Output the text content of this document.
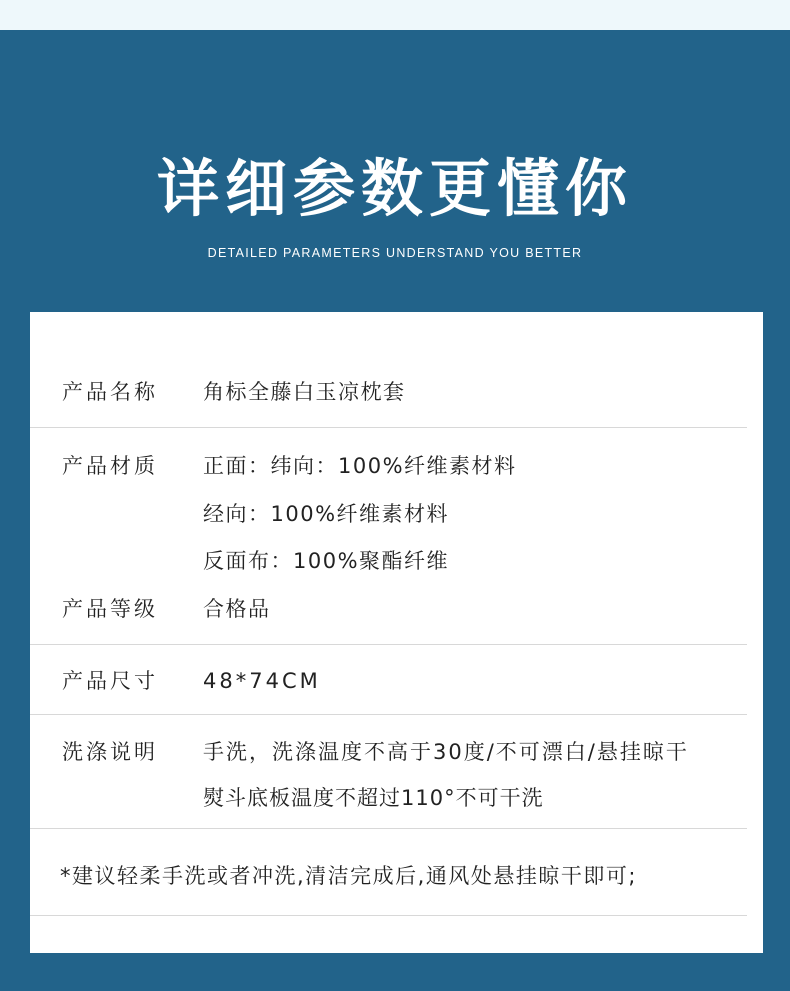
详细参数更懂你
DETAILED PARAMETERS UNDERSTAND YOU BETTER
产品名称 角标全藤白玉凉枕套
产品材质 正面：纬向：100%纤维素材料
经向：100%纤维素材料
反面布：100%聚酯纤维
产品等级 合格品
产品尺寸 48*74CM
洗涤说明 手洗，洗涤温度不高于30度/不可漂白/悬挂晾干
熨斗底板温度不超过110°不可干洗
*建议轻柔手洗或者冲洗,清洁完成后,通风处悬挂晾干即可;
